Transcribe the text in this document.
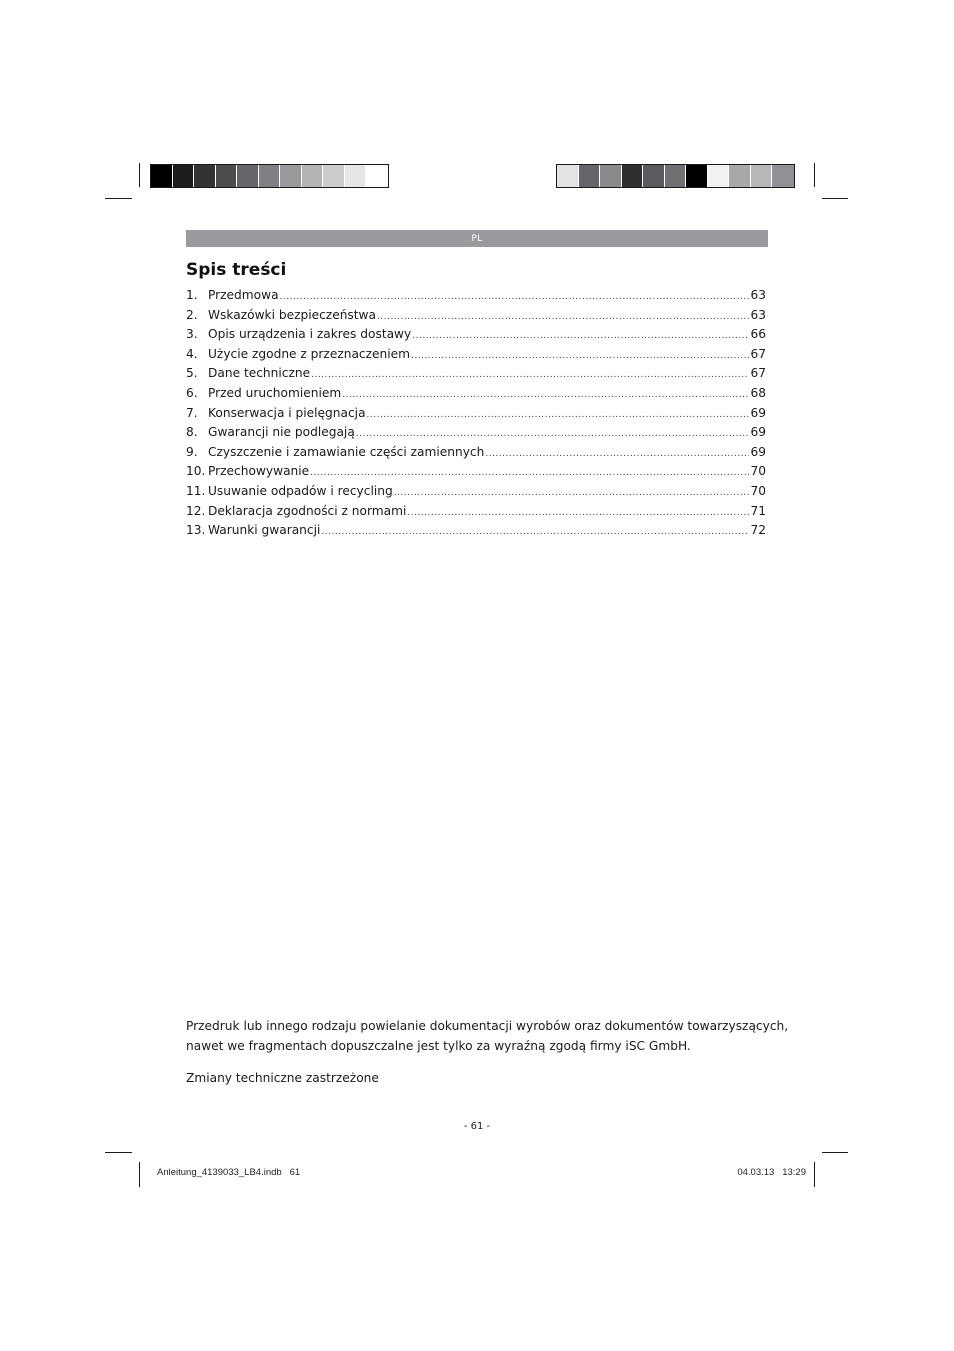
PL
Spis treści
1. Przedmowa .....	63
2. Wskazówki bezpieczeństwa .....	63
3. Opis urządzenia i zakres dostawy .....	66
4. Użycie zgodne z przeznaczeniem .....	67
5. Dane techniczne .....	67
6. Przed uruchomieniem .....	68
7. Konserwacja i pielęgnacja .....	69
8. Gwarancji nie podlegają .....	69
9. Czyszczenie i zamawianie części zamiennych .....	69
10. Przechowywanie .....	70
11. Usuwanie odpadów i recycling .....	70
12. Deklaracja zgodności z normami .....	71
13. Warunki gwarancji .....	72

Przedruk lub innego rodzaju powielanie dokumentacji wyrobów oraz dokumentów towarzyszących,
nawet we fragmentach dopuszczalne jest tylko za wyraźną zgodą firmy iSC GmbH.

Zmiany techniczne zastrzeżone

- 61 -
Anleitung_4139033_LB4.indb   61	04.03.13   13:29
